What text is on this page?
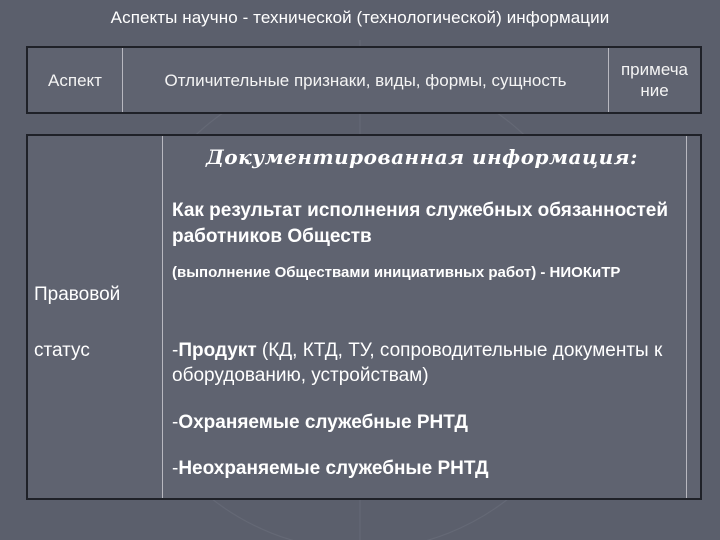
Аспекты научно - технической (технологической) информации
Аспект	Отличительные признаки, виды, формы, сущность
примеча
ние
Документированная информация:
Правовой
статус
Как результат исполнения служебных обязанностей работников Обществ
(выполнение Обществами инициативных работ) - НИОКиТР
-Продукт (КД, КТД, ТУ, сопроводительные документы к оборудованию, устройствам)
-Охраняемые служебные РНТД
-Неохраняемые служебные РНТД
